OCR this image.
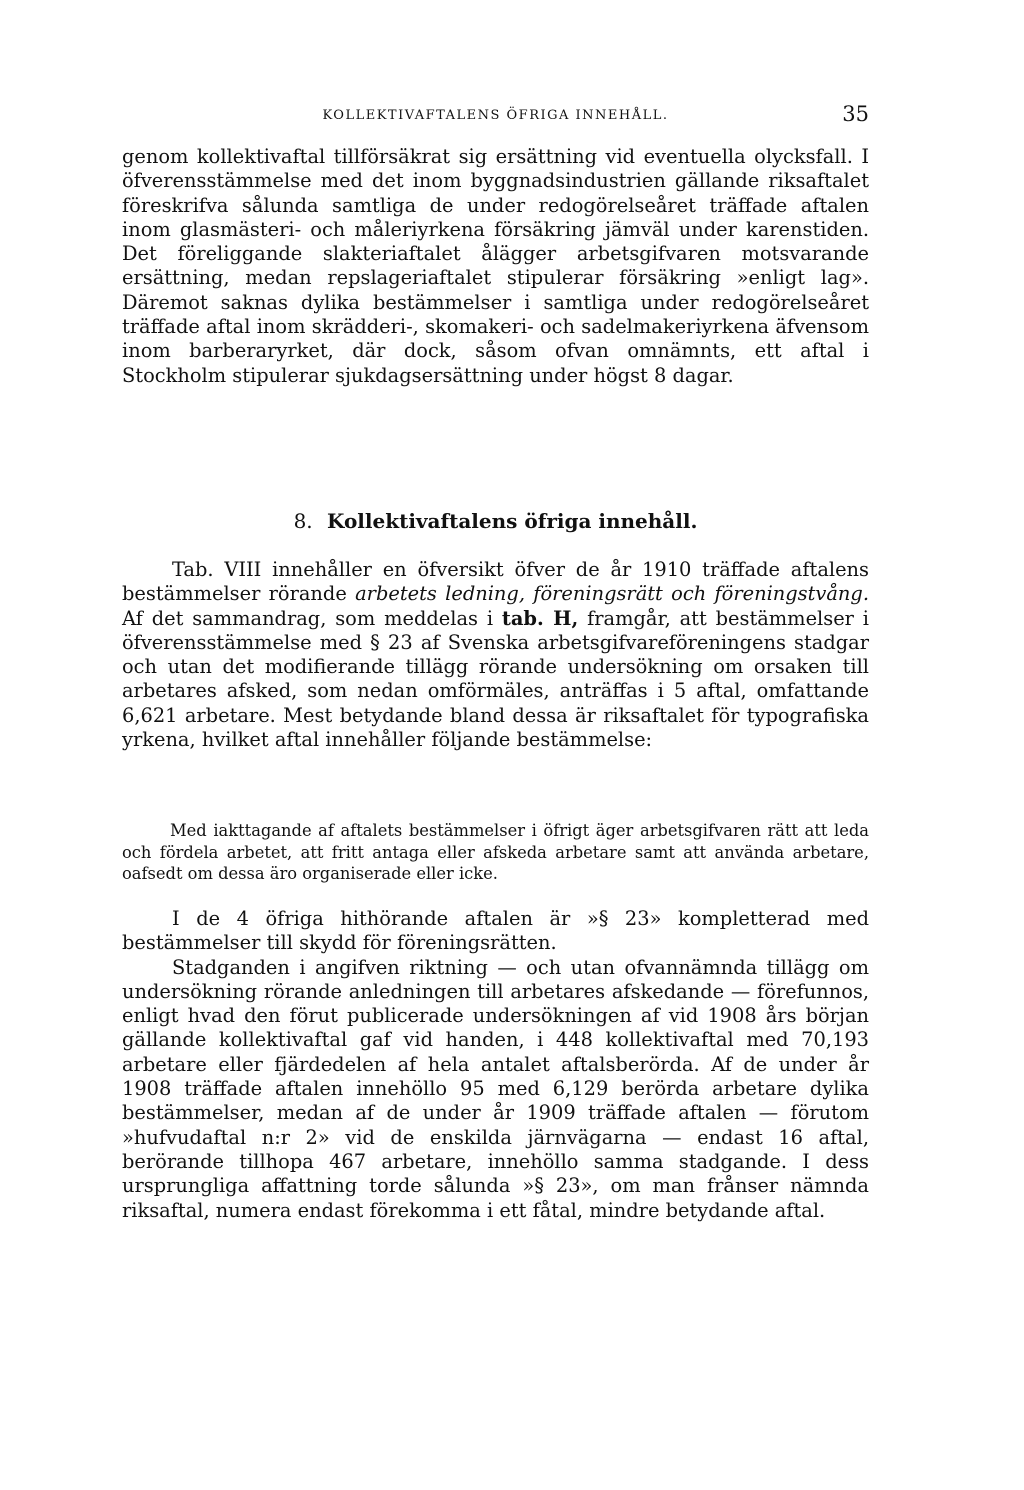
KOLLEKTIVAFTALENS ÖFRIGA INNEHÅLL.	35

genom kollektivaftal tillförsäkrat sig ersättning vid eventuella olycksfall. I öfverensstämmelse med det inom byggnadsindustrien gällande riksaftalet föreskrifva sålunda samtliga de under redogörelseåret träffade aftalen inom glasmästeri- och måleriyrkena försäkring jämväl under karenstiden. Det föreliggande slakteriaftalet ålägger arbetsgifvaren motsvarande ersättning, medan repslageriaftalet stipulerar försäkring »enligt lag». Däremot saknas dylika bestämmelser i samtliga under redogörelseåret träffade aftal inom skrädderi-, skomakeri- och sadelmakeriyrkena äfvensom inom barberaryrket, där dock, såsom ofvan omnämnts, ett aftal i Stockholm stipulerar sjukdagsersättning under högst 8 dagar.

8. Kollektivaftalens öfriga innehåll.

Tab. VIII innehåller en öfversikt öfver de år 1910 träffade aftalens bestämmelser rörande arbetets ledning, föreningsrätt och föreningstvång. Af det sammandrag, som meddelas i tab. H, framgår, att bestämmelser i öfverensstämmelse med § 23 af Svenska arbetsgifvareföreningens stadgar och utan det modifierande tillägg rörande undersökning om orsaken till arbetares afsked, som nedan omförmäles, anträffas i 5 aftal, omfattande 6,621 arbetare. Mest betydande bland dessa är riksaftalet för typografiska yrkena, hvilket aftal innehåller följande bestämmelse:

Med iakttagande af aftalets bestämmelser i öfrigt äger arbetsgifvaren rätt att leda och fördela arbetet, att fritt antaga eller afskeda arbetare samt att använda arbetare, oafsedt om dessa äro organiserade eller icke.

I de 4 öfriga hithörande aftalen är »§ 23» kompletterad med bestämmelser till skydd för föreningsrätten.

Stadganden i angifven riktning — och utan ofvannämnda tillägg om undersökning rörande anledningen till arbetares afskedande — förefunnos, enligt hvad den förut publicerade undersökningen af vid 1908 års början gällande kollektivaftal gaf vid handen, i 448 kollektivaftal med 70,193 arbetare eller fjärdedelen af hela antalet aftalsberörda. Af de under år 1908 träffade aftalen innehöllo 95 med 6,129 berörda arbetare dylika bestämmelser, medan af de under år 1909 träffade aftalen — förutom »hufvudaftal n:r 2» vid de enskilda järnvägarna — endast 16 aftal, berörande tillhopa 467 arbetare, innehöllo samma stadgande. I dess ursprungliga affattning torde sålunda »§ 23», om man frånser nämnda riksaftal, numera endast förekomma i ett fåtal, mindre betydande aftal.
